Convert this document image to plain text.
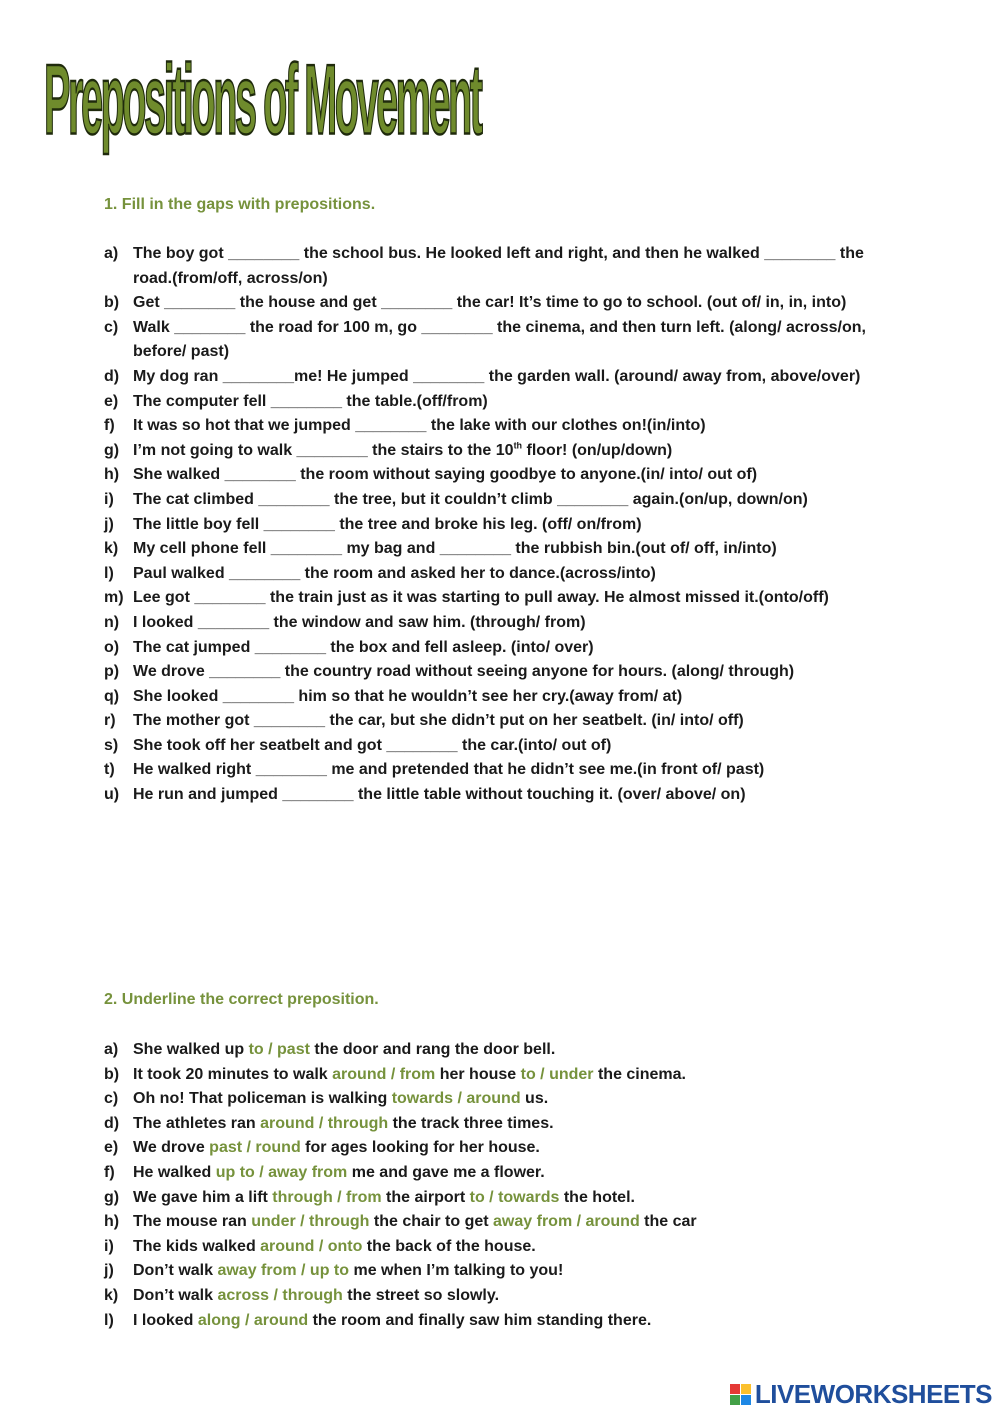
Prepositions of Movement
1. Fill in the gaps with prepositions.
a) The boy got ________ the school bus. He looked left and right, and then he walked ________ the road.(from/off, across/on)
b) Get ________ the house and get ________ the car! It’s time to go to school. (out of/ in, in, into)
c) Walk ________ the road for 100 m, go ________ the cinema, and then turn left. (along/ across/on, before/ past)
d) My dog ran ________me! He jumped ________ the garden wall. (around/ away from, above/over)
e) The computer fell ________ the table.(off/from)
f) It was so hot that we jumped ________ the lake with our clothes on!(in/into)
g) I’m not going to walk ________ the stairs to the 10th floor! (on/up/down)
h) She walked ________ the room without saying goodbye to anyone.(in/ into/ out of)
i) The cat climbed ________ the tree, but it couldn’t climb ________ again.(on/up, down/on)
j) The little boy fell ________ the tree and broke his leg. (off/ on/from)
k) My cell phone fell ________ my bag and ________ the rubbish bin.(out of/ off, in/into)
l) Paul walked ________ the room and asked her to dance.(across/into)
m) Lee got ________ the train just as it was starting to pull away. He almost missed it.(onto/off)
n) I looked ________ the window and saw him. (through/ from)
o) The cat jumped ________ the box and fell asleep. (into/ over)
p) We drove ________ the country road without seeing anyone for hours. (along/ through)
q) She looked ________ him so that he wouldn’t see her cry.(away from/ at)
r) The mother got ________ the car, but she didn’t put on her seatbelt. (in/ into/ off)
s) She took off her seatbelt and got ________ the car.(into/ out of)
t) He walked right ________ me and pretended that he didn’t see me.(in front of/ past)
u) He run and jumped ________ the little table without touching it. (over/ above/ on)
2. Underline the correct preposition.
a) She walked up to / past the door and rang the door bell.
b) It took 20 minutes to walk around / from her house to / under the cinema.
c) Oh no! That policeman is walking towards / around us.
d) The athletes ran around / through the track three times.
e) We drove past / round for ages looking for her house.
f) He walked up to / away from me and gave me a flower.
g) We gave him a lift through / from the airport to / towards the hotel.
h) The mouse ran under / through the chair to get away from / around the car
i) The kids walked around / onto the back of the house.
j) Don’t walk away from / up to me when I’m talking to you!
k) Don’t walk across / through the street so slowly.
l) I looked along / around the room and finally saw him standing there.
LIVEWORKSHEETS
